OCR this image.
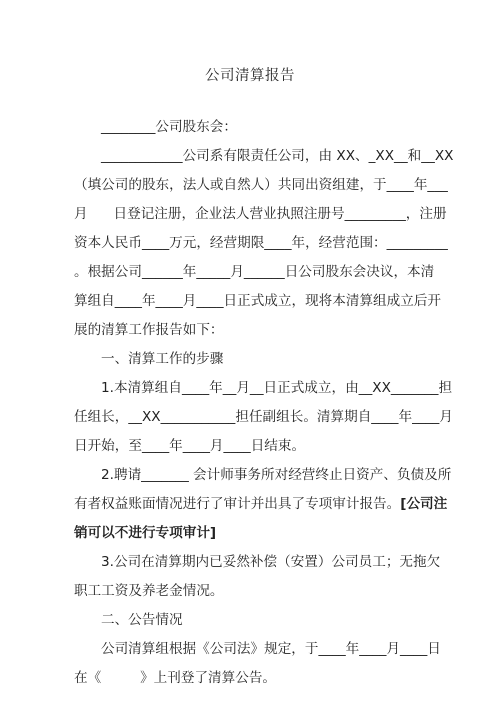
公司清算报告
________公司股东会：
____________公司系有限责任公司，由 XX、_XX__和__XX
（填公司的股东，法人或自然人）共同出资组建，于____年___
月      日登记注册，企业法人营业执照注册号_________，注册
资本人民币____万元，经营期限____年，经营范围：_________
。根据公司______年_____月______日公司股东会决议，本清
算组自____年____月____日正式成立，现将本清算组成立后开
展的清算工作报告如下：
一、清算工作的步骤
1.本清算组自____年__月__日正式成立，由__XX_______担
任组长，__XX___________担任副组长。清算期自____年____月
日开始，至____年____月____日结束。
2.聘请_______ 会计师事务所对经营终止日资产、负债及所
有者权益账面情况进行了审计并出具了专项审计报告。[公司注
销可以不进行专项审计]
3.公司在清算期内已妥然补偿（安置）公司员工；无拖欠
职工工资及养老金情况。
二、公告情况
公司清算组根据《公司法》规定，于____年____月____日
在《         》上刊登了清算公告。
